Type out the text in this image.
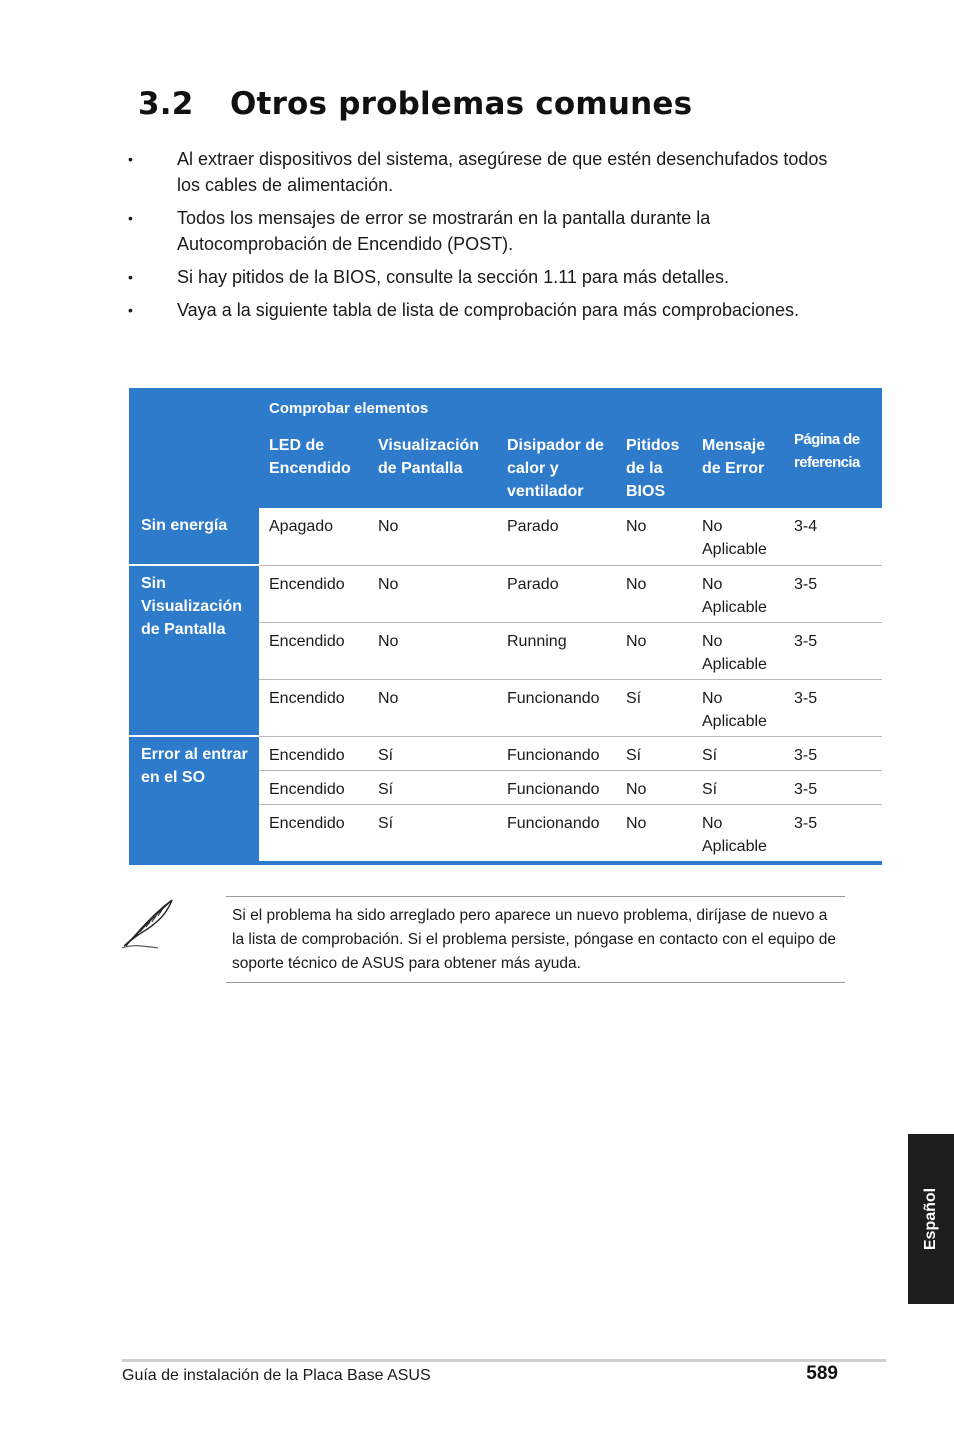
3.2 Otros problemas comunes
• Al extraer dispositivos del sistema, asegúrese de que estén desenchufados todos los cables de alimentación.
• Todos los mensajes de error se mostrarán en la pantalla durante la Autocomprobación de Encendido (POST).
• Si hay pitidos de la BIOS, consulte la sección 1.11 para más detalles.
• Vaya a la siguiente tabla de lista de comprobación para más comprobaciones.
	Comprobar elementos					
	LED de Encendido	Visualización de Pantalla	Disipador de calor y ventilador	Pitidos de la BIOS	Mensaje de Error	Página de referencia
Sin energía	Apagado	No	Parado	No	No Aplicable	3-4
Sin Visualización de Pantalla	Encendido	No	Parado	No	No Aplicable	3-5
	Encendido	No	Running	No	No Aplicable	3-5
	Encendido	No	Funcionando	Sí	No Aplicable	3-5
Error al entrar en el SO	Encendido	Sí	Funcionando	Sí	Sí	3-5
	Encendido	Sí	Funcionando	No	Sí	3-5
	Encendido	Sí	Funcionando	No	No Aplicable	3-5
Si el problema ha sido arreglado pero aparece un nuevo problema, diríjase de nuevo a la lista de comprobación. Si el problema persiste, póngase en contacto con el equipo de soporte técnico de ASUS para obtener más ayuda.
Español
Guía de instalación de la Placa Base ASUS	589
